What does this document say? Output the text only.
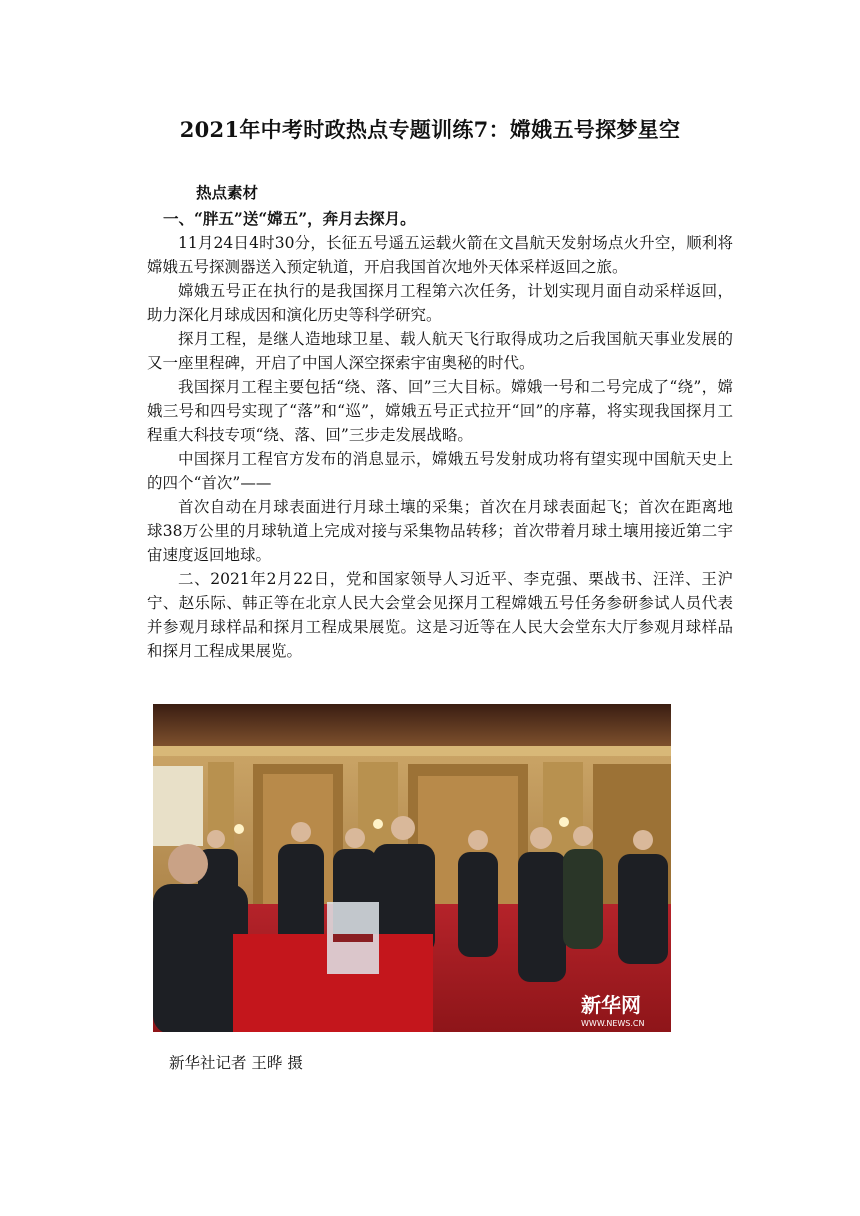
2021年中考时政热点专题训练7：嫦娥五号探梦星空
热点素材
一、“胖五”送“嫦五”，奔月去探月。

11月24日4时30分，长征五号遥五运载火箭在文昌航天发射场点火升空，顺利将嫦娥五号探测器送入预定轨道，开启我国首次地外天体采样返回之旅。

嫦娥五号正在执行的是我国探月工程第六次任务，计划实现月面自动采样返回，助力深化月球成因和演化历史等科学研究。

探月工程，是继人造地球卫星、载人航天飞行取得成功之后我国航天事业发展的又一座里程碑，开启了中国人深空探索宇宙奥秘的时代。

我国探月工程主要包括“绕、落、回”三大目标。嫦娥一号和二号完成了“绕”，嫦娥三号和四号实现了“落”和“巡”，嫦娥五号正式拉开“回”的序幕，将实现我国探月工程重大科技专项“绕、落、回”三步走发展战略。

中国探月工程官方发布的消息显示，嫦娥五号发射成功将有望实现中国航天史上的四个“首次”——

首次自动在月球表面进行月球土壤的采集；首次在月球表面起飞；首次在距离地球38万公里的月球轨道上完成对接与采集物品转移；首次带着月球土壤用接近第二宇宙速度返回地球。

二、2021年2月22日，党和国家领导人习近平、李克强、栗战书、汪洋、王沪宁、赵乐际、韩正等在北京人民大会堂会见探月工程嫦娥五号任务参研参试人员代表并参观月球样品和探月工程成果展览。这是习近等在人民大会堂东大厅参观月球样品和探月工程成果展览。

新华网
WWW.NEWS.CN
新华社记者 王晔 摄
